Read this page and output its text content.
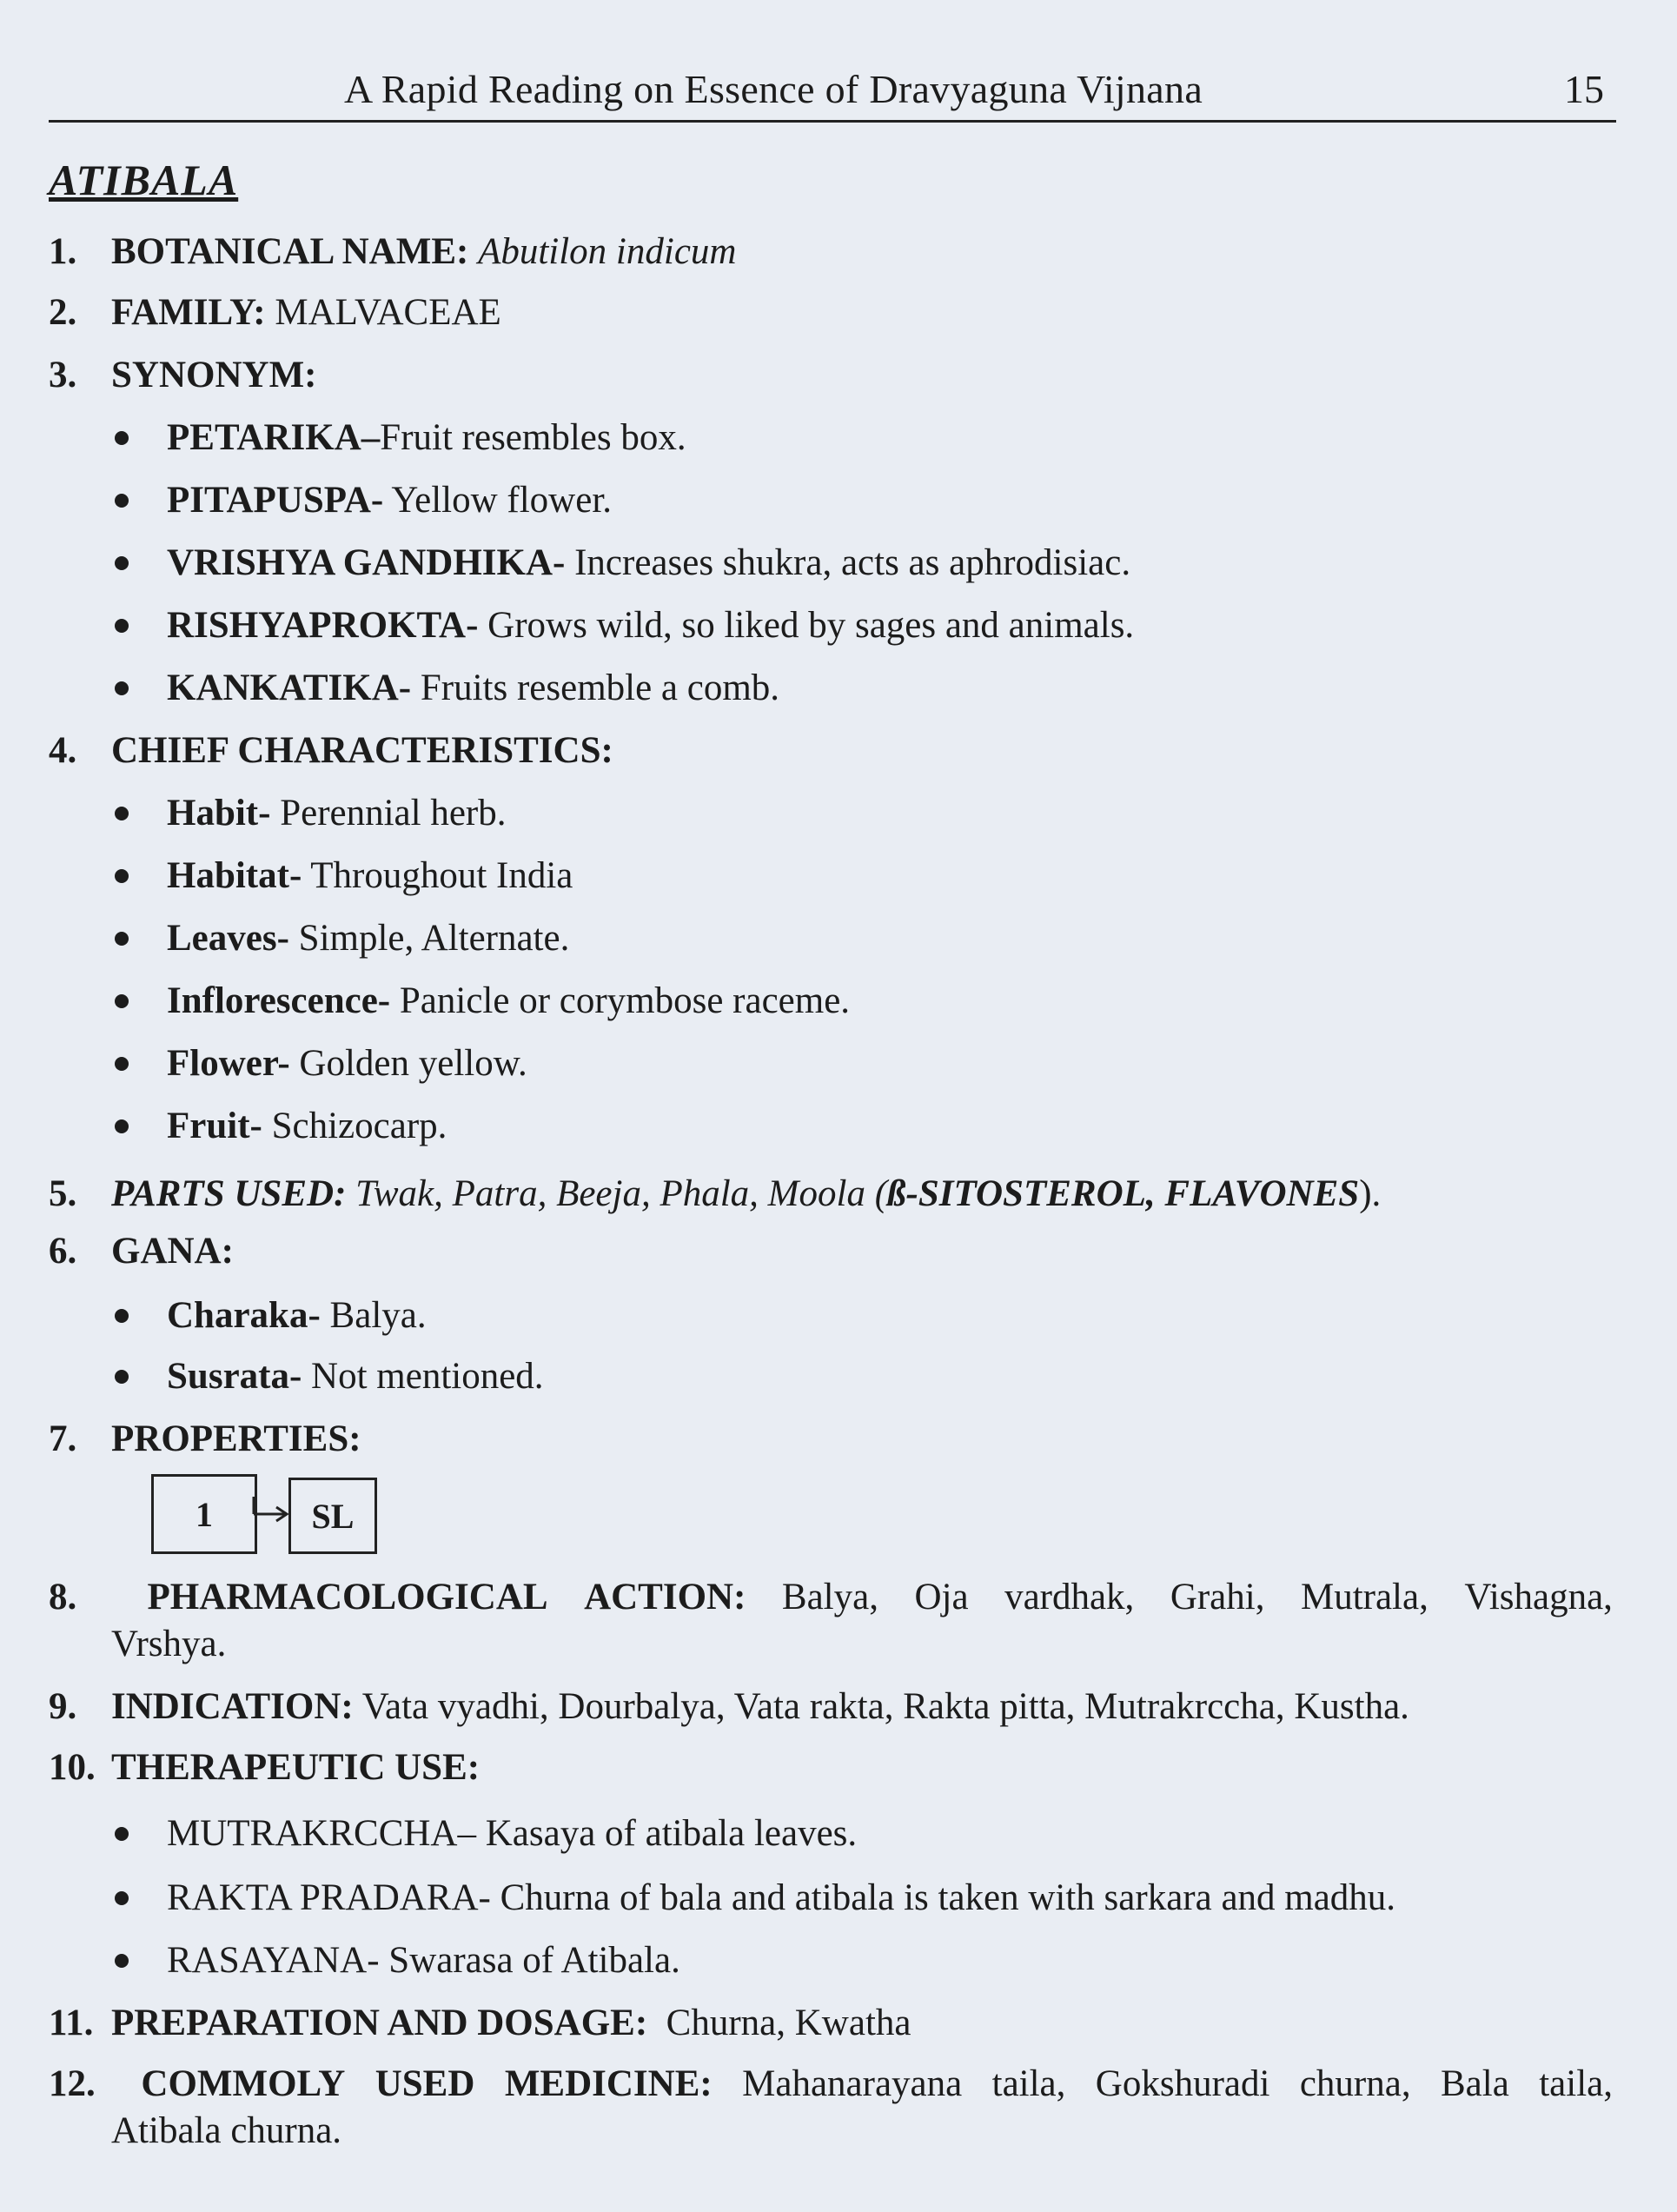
A Rapid Reading on Essence of Dravyaguna Vijnana	15
ATIBALA
1. BOTANICAL NAME: Abutilon indicum
2. FAMILY: MALVACEAE
3. SYNONYM:
PETARIKA–Fruit resembles box.
PITAPUSPA- Yellow flower.
VRISHYA GANDHIKA- Increases shukra, acts as aphrodisiac.
RISHYAPROKTA- Grows wild, so liked by sages and animals.
KANKATIKA- Fruits resemble a comb.
4. CHIEF CHARACTERISTICS:
Habit- Perennial herb.
Habitat- Throughout India
Leaves- Simple, Alternate.
Inflorescence- Panicle or corymbose raceme.
Flower- Golden yellow.
Fruit- Schizocarp.
5. PARTS USED: Twak, Patra, Beeja, Phala, Moola (ß-SITOSTEROL, FLAVONES).
6. GANA:
Charaka- Balya.
Susrata- Not mentioned.
7. PROPERTIES:
1	SL
8.	PHARMACOLOGICAL ACTION: Balya, Oja vardhak, Grahi, Mutrala, Vishagna,
Vrshya.
9. INDICATION: Vata vyadhi, Dourbalya, Vata rakta, Rakta pitta, Mutrakrccha, Kustha.
10. THERAPEUTIC USE:
MUTRAKRCCHA– Kasaya of atibala leaves.
RAKTA PRADARA- Churna of bala and atibala is taken with sarkara and madhu.
RASAYANA- Swarasa of Atibala.
11. PREPARATION AND DOSAGE:  Churna, Kwatha
12.	COMMOLY USED MEDICINE: Mahanarayana taila, Gokshuradi churna, Bala taila,
Atibala churna.
